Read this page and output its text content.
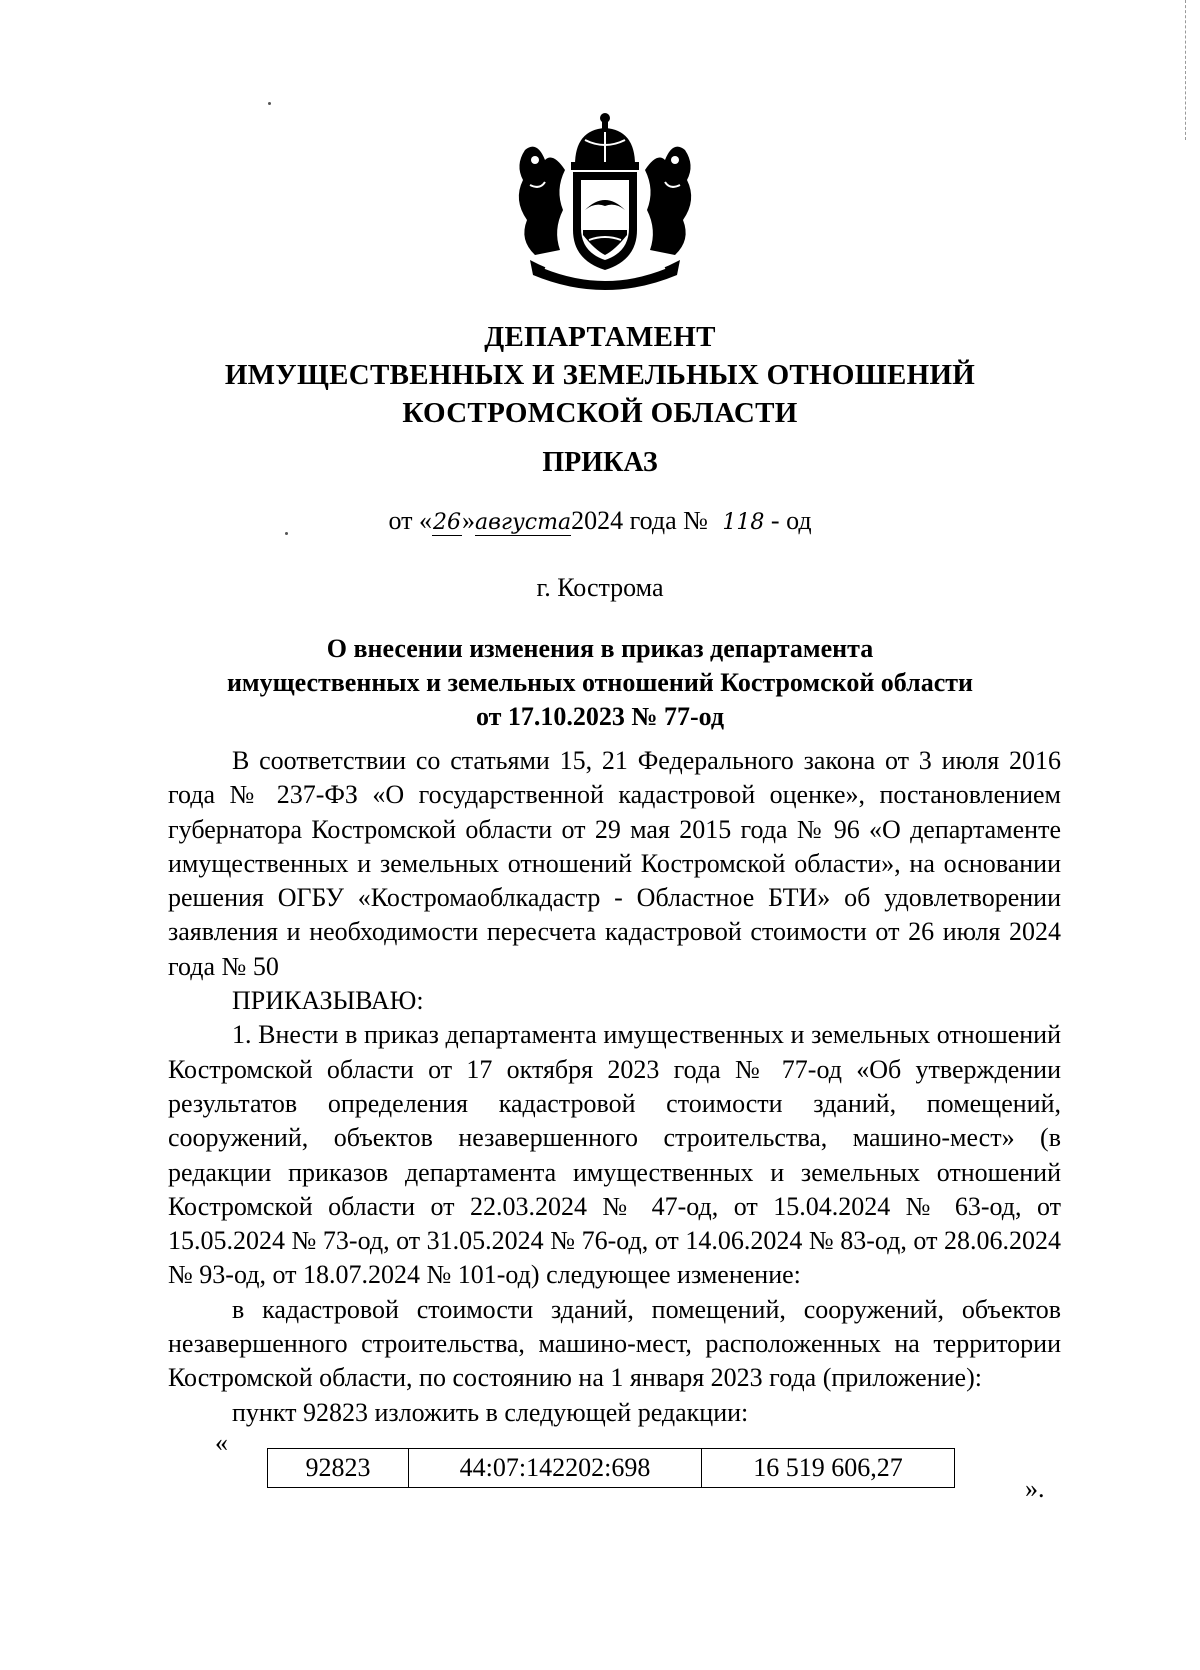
ДЕПАРТАМЕНТ
ИМУЩЕСТВЕННЫХ И ЗЕМЕЛЬНЫХ ОТНОШЕНИЙ
КОСТРОМСКОЙ ОБЛАСТИ
ПРИКАЗ
от «26»августа2024 года № 118 - од
г. Кострома
О внесении изменения в приказ департамента
имущественных и земельных отношений Костромской области
от 17.10.2023 № 77-од

В соответствии со статьями 15, 21 Федерального закона от 3 июля 2016 года № 237-ФЗ «О государственной кадастровой оценке», постановлением губернатора Костромской области от 29 мая 2015 года № 96 «О департаменте имущественных и земельных отношений Костромской области», на основании решения ОГБУ «Костромаоблкадастр - Областное БТИ» об удовлетворении заявления и необходимости пересчета кадастровой стоимости от 26 июля 2024 года № 50

ПРИКАЗЫВАЮ:

1. Внести в приказ департамента имущественных и земельных отношений Костромской области от 17 октября 2023 года № 77-од «Об утверждении результатов определения кадастровой стоимости зданий, помещений, сооружений, объектов незавершенного строительства, машино-мест» (в редакции приказов департамента имущественных и земельных отношений Костромской области от 22.03.2024 № 47-од, от 15.04.2024 № 63-од, от 15.05.2024 № 73-од, от 31.05.2024 № 76-од, от 14.06.2024 № 83-од, от 28.06.2024 № 93-од, от 18.07.2024 № 101-од) следующее изменение:

в кадастровой стоимости зданий, помещений, сооружений, объектов незавершенного строительства, машино-мест, расположенных на территории Костромской области, по состоянию на 1 января 2023 года (приложение):

пункт 92823 изложить в следующей редакции:

«
92823	44:07:142202:698	16 519 606,27
».
